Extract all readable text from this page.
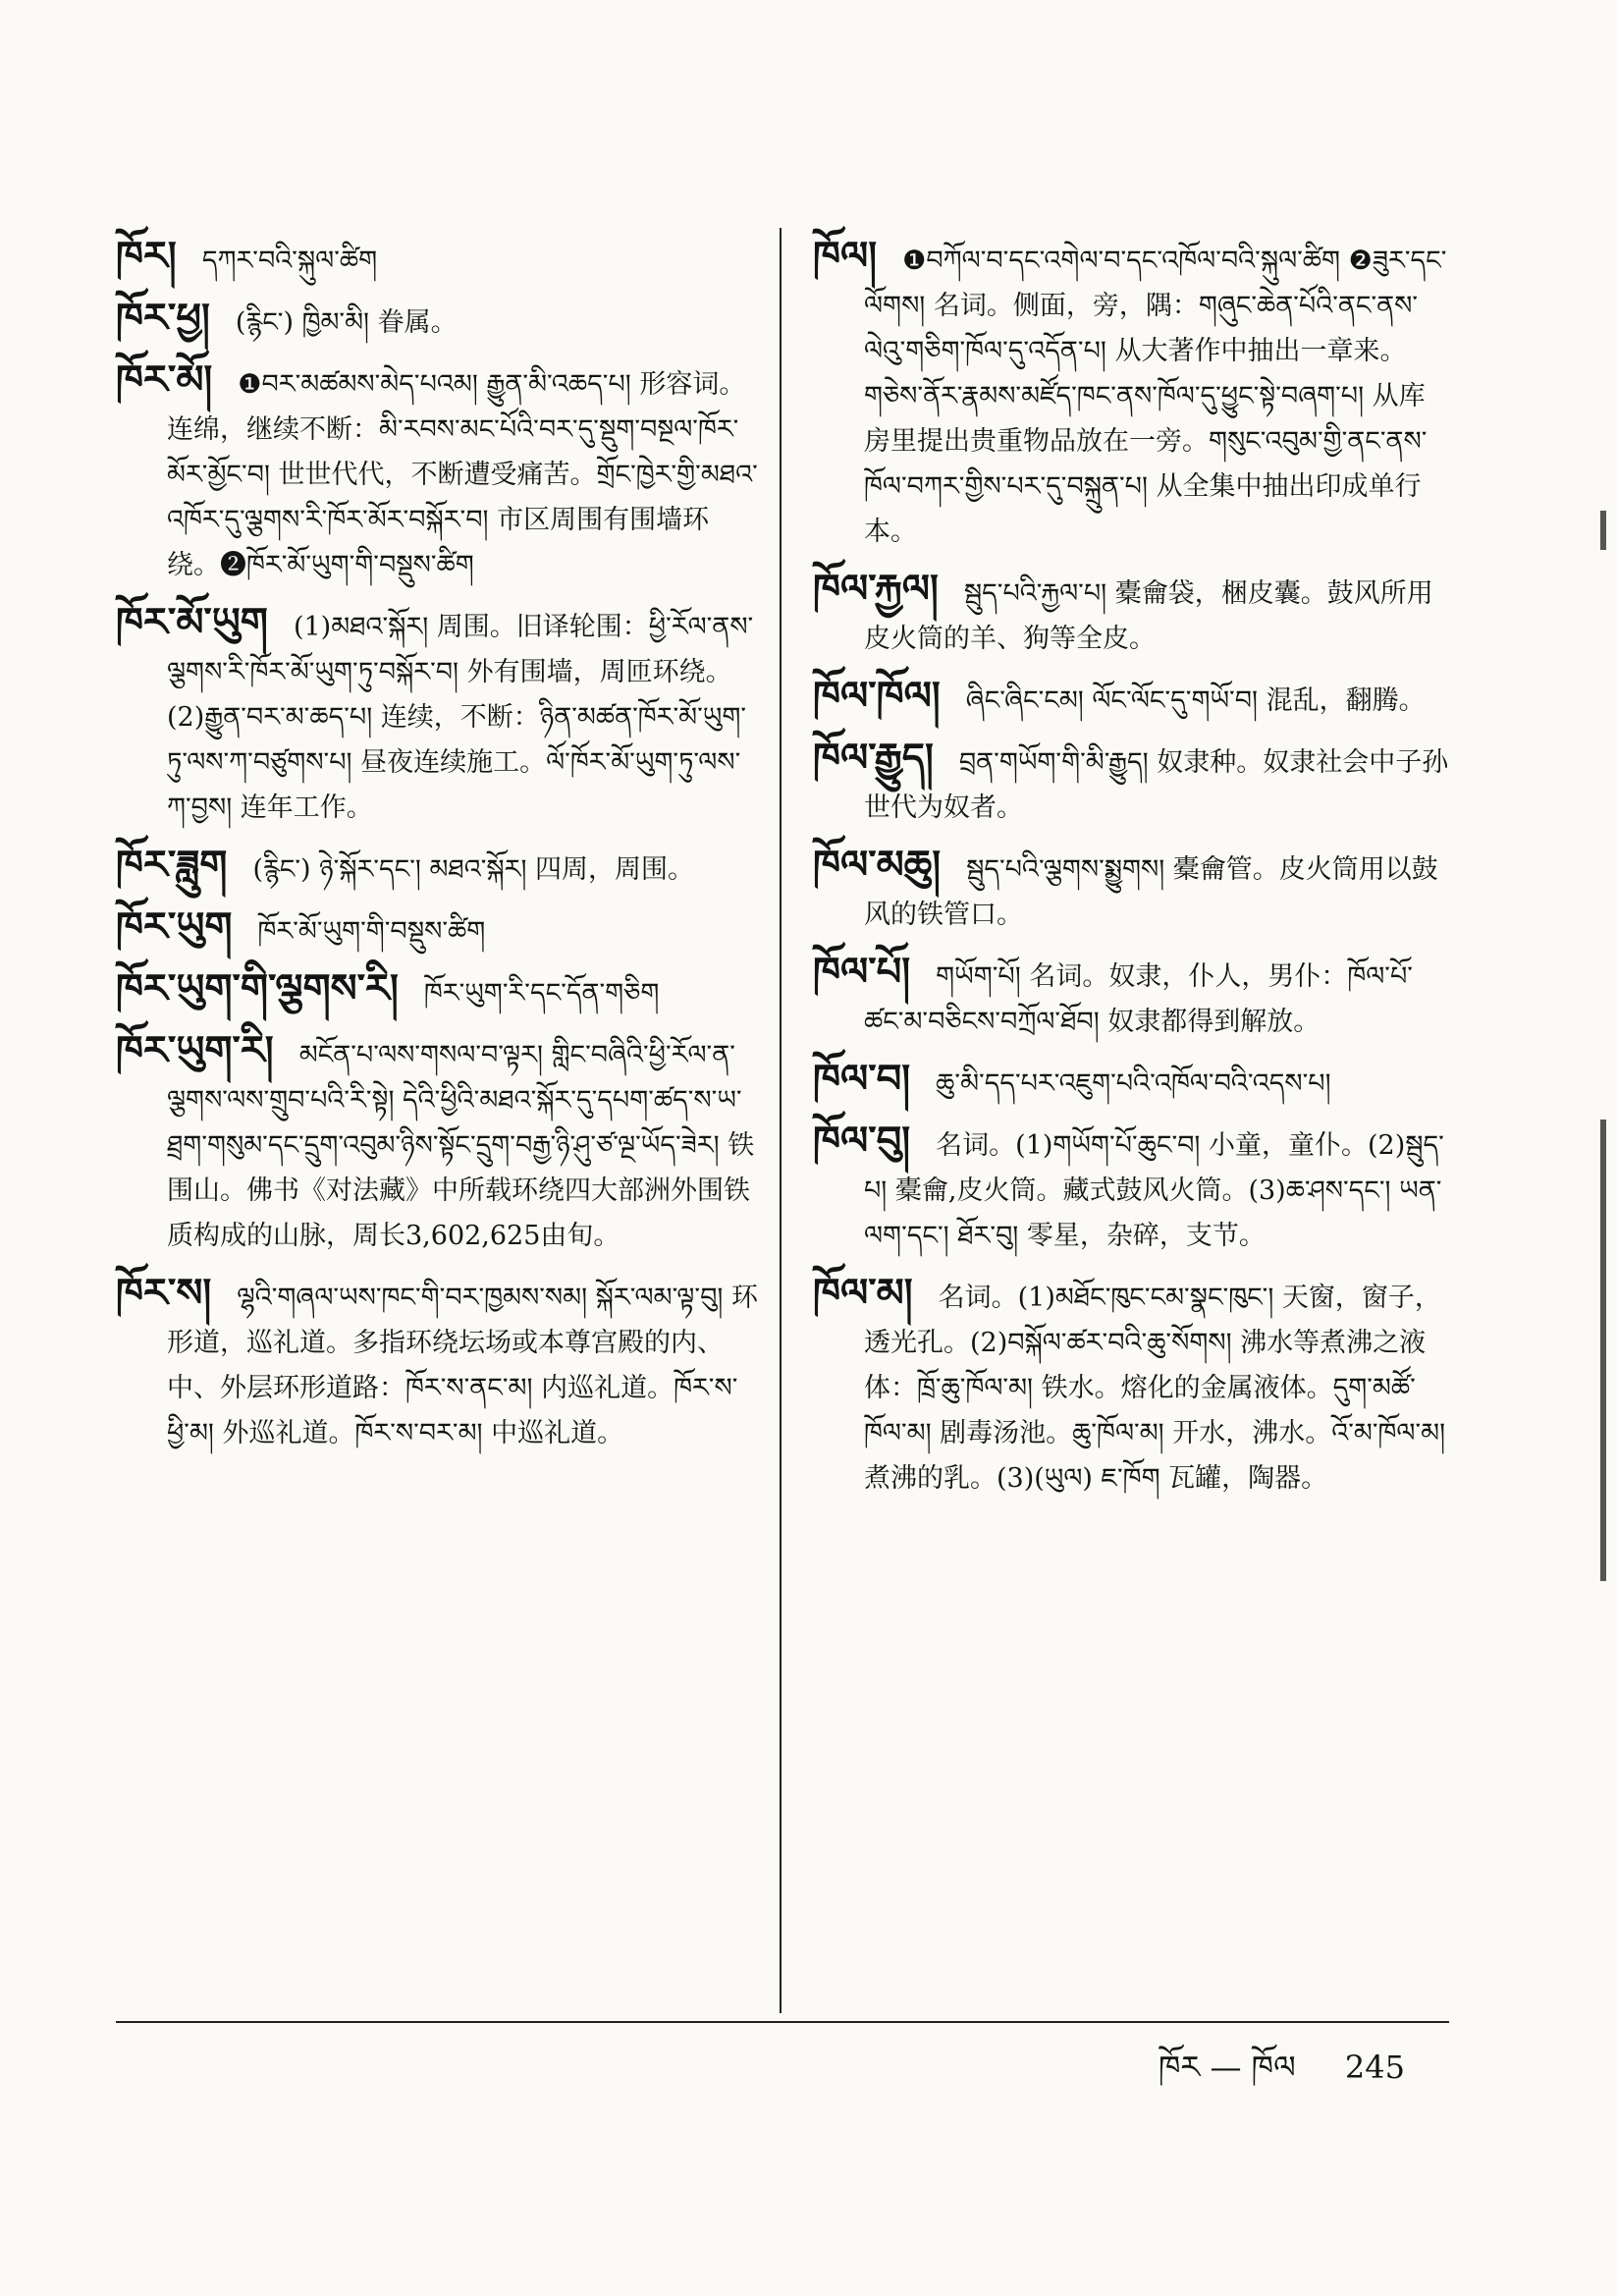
ཁོར། དཀར་བའི་སྐུལ་ཚིག
ཁོར་ཕྱ། (རྙིང་) ཁྱིམ་མི། 眷属。
ཁོར་མོ། ❶བར་མཚམས་མེད་པའམ། རྒྱུན་མི་འཆད་པ། 形容词。连绵，继续不断：མི་རབས་མང་པོའི་བར་དུ་སྡུག་བསྔལ་ཁོར་མོར་མྱོང་བ། 世世代代，不断遭受痛苦。གྲོང་ཁྱེར་གྱི་མཐའ་འཁོར་དུ་ལྕགས་རི་ཁོར་མོར་བསྐོར་བ། 市区周围有围墙环绕。❷ཁོར་མོ་ཡུག་གི་བསྡུས་ཚིག
ཁོར་མོ་ཡུག (1)མཐའ་སྐོར། 周围。旧译轮围：ཕྱི་རོལ་ནས་ལྕགས་རི་ཁོར་མོ་ཡུག་ཏུ་བསྐོར་བ། 外有围墙，周匝环绕。(2)རྒྱུན་བར་མ་ཆད་པ། 连续，不断：ཉིན་མཚན་ཁོར་མོ་ཡུག་ཏུ་ལས་ཀ་བཙུགས་པ། 昼夜连续施工。ལོ་ཁོར་མོ་ཡུག་ཏུ་ལས་ཀ་བྱས། 连年工作。
ཁོར་ཟླུག (རྙིང་) ཉེ་སྐོར་དང་། མཐའ་སྐོར། 四周，周围。
ཁོར་ཡུག ཁོར་མོ་ཡུག་གི་བསྡུས་ཚིག
ཁོར་ཡུག་གི་ལྕགས་རི། ཁོར་ཡུག་རི་དང་དོན་གཅིག
ཁོར་ཡུག་རི། མངོན་པ་ལས་གསལ་བ་ལྟར། གླིང་བཞིའི་ཕྱི་རོལ་ན་ལྕགས་ལས་གྲུབ་པའི་རི་སྟེ། དེའི་ཕྱིའི་མཐའ་སྐོར་དུ་དཔག་ཚད་ས་ཡ་ཐྲག་གསུམ་དང་དྲུག་འབུམ་ཉིས་སྟོང་དྲུག་བརྒྱ་ཉི་ཤུ་ཙ་ལྔ་ཡོད་ཟེར། 铁围山。佛书《对法藏》中所载环绕四大部洲外围铁质构成的山脉，周长3,602,625由旬。
ཁོར་ས། ལྷའི་གཞལ་ཡས་ཁང་གི་བར་ཁྱམས་སམ། སྐོར་ལམ་ལྟ་བུ། 环形道，巡礼道。多指环绕坛场或本尊宫殿的内、中、外层环形道路：ཁོར་ས་ནང་མ། 内巡礼道。ཁོར་ས་ཕྱི་མ། 外巡礼道。ཁོར་ས་བར་མ། 中巡礼道。
ཁོལ། ❶བཀོལ་བ་དང་འགེལ་བ་དང་འཁོལ་བའི་སྐུལ་ཚིག ❷ཟུར་དང་ལོགས། 名词。侧面，旁，隅：གཞུང་ཆེན་པོའི་ནང་ནས་ལེའུ་གཅིག་ཁོལ་དུ་འདོན་པ། 从大著作中抽出一章来。གཅེས་ནོར་རྣམས་མཛོད་ཁང་ནས་ཁོལ་དུ་ཕྱུང་སྟེ་བཞག་པ། 从库房里提出贵重物品放在一旁。གསུང་འབུམ་གྱི་ནང་ནས་ཁོལ་བཀར་གྱིས་པར་དུ་བསྐྲུན་པ། 从全集中抽出印成单行本。
ཁོལ་རྐྱལ། སྦུད་པའི་རྐྱལ་པ། 橐龠袋，梱皮囊。鼓风所用皮火筒的羊、狗等全皮。
ཁོལ་ཁོལ། ཞིང་ཞིང་ངམ། ལོང་ལོང་དུ་གཡོ་བ། 混乱，翻腾。
ཁོལ་རྒྱུད། བྲན་གཡོག་གི་མི་རྒྱུད། 奴隶种。奴隶社会中子孙世代为奴者。
ཁོལ་མཆུ། སྦུད་པའི་ལྕགས་སྨྱུགས། 橐龠管。皮火筒用以鼓风的铁管口。
ཁོལ་པོ། གཡོག་པོ། 名词。奴隶，仆人，男仆：ཁོལ་པོ་ཚང་མ་བཅིངས་བཀྲོལ་ཐོབ། 奴隶都得到解放。
ཁོལ་བ། ཆུ་མི་དད་པར་འཇུག་པའི་འཁོལ་བའི་འདས་པ།
ཁོལ་བུ། 名词。(1)གཡོག་པོ་ཆུང་བ། 小童，童仆。(2)སྦུད་པ། 橐龠,皮火筒。藏式鼓风火筒。(3)ཆ་ཤས་དང་། ཡན་ལག་དང་། ཐོར་བུ། 零星，杂碎，支节。
ཁོལ་མ། 名词。(1)མཐོང་ཁུང་ངམ་སྣང་ཁུང་། 天窗，窗子，透光孔。(2)བསྐོལ་ཚར་བའི་ཆུ་སོགས། 沸水等煮沸之液体：ཁྲོ་ཆུ་ཁོལ་མ། 铁水。熔化的金属液体。དུག་མཚོ་ཁོལ་མ། 剧毒汤池。ཆུ་ཁོལ་མ། 开水，沸水。འོ་མ་ཁོལ་མ། 煮沸的乳。(3)(ཡུལ) ཇ་ཁོག 瓦罐，陶器。
ཁོར — ཁོལ 245
